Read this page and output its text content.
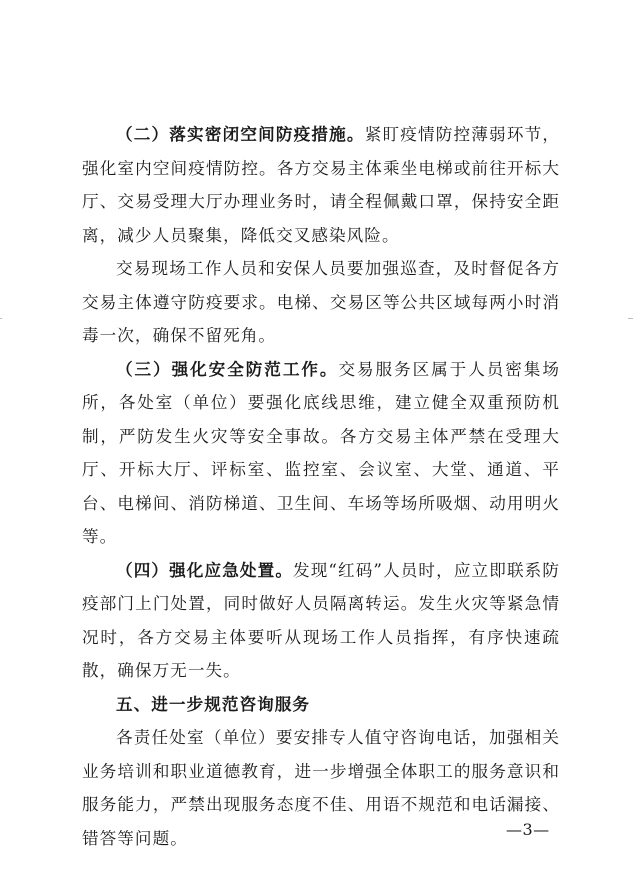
（二）落实密闭空间防疫措施。紧盯疫情防控薄弱环节，强化室内空间疫情防控。各方交易主体乘坐电梯或前往开标大厅、交易受理大厅办理业务时，请全程佩戴口罩，保持安全距离，减少人员聚集，降低交叉感染风险。

交易现场工作人员和安保人员要加强巡查，及时督促各方交易主体遵守防疫要求。电梯、交易区等公共区域每两小时消毒一次，确保不留死角。

（三）强化安全防范工作。交易服务区属于人员密集场所，各处室（单位）要强化底线思维，建立健全双重预防机制，严防发生火灾等安全事故。各方交易主体严禁在受理大厅、开标大厅、评标室、监控室、会议室、大堂、通道、平台、电梯间、消防梯道、卫生间、车场等场所吸烟、动用明火等。

（四）强化应急处置。发现“红码”人员时，应立即联系防疫部门上门处置，同时做好人员隔离转运。发生火灾等紧急情况时，各方交易主体要听从现场工作人员指挥，有序快速疏散，确保万无一失。

五、进一步规范咨询服务

各责任处室（单位）要安排专人值守咨询电话，加强相关业务培训和职业道德教育，进一步增强全体职工的服务意识和服务能力，严禁出现服务态度不佳、用语不规范和电话漏接、错答等问题。	—3—
